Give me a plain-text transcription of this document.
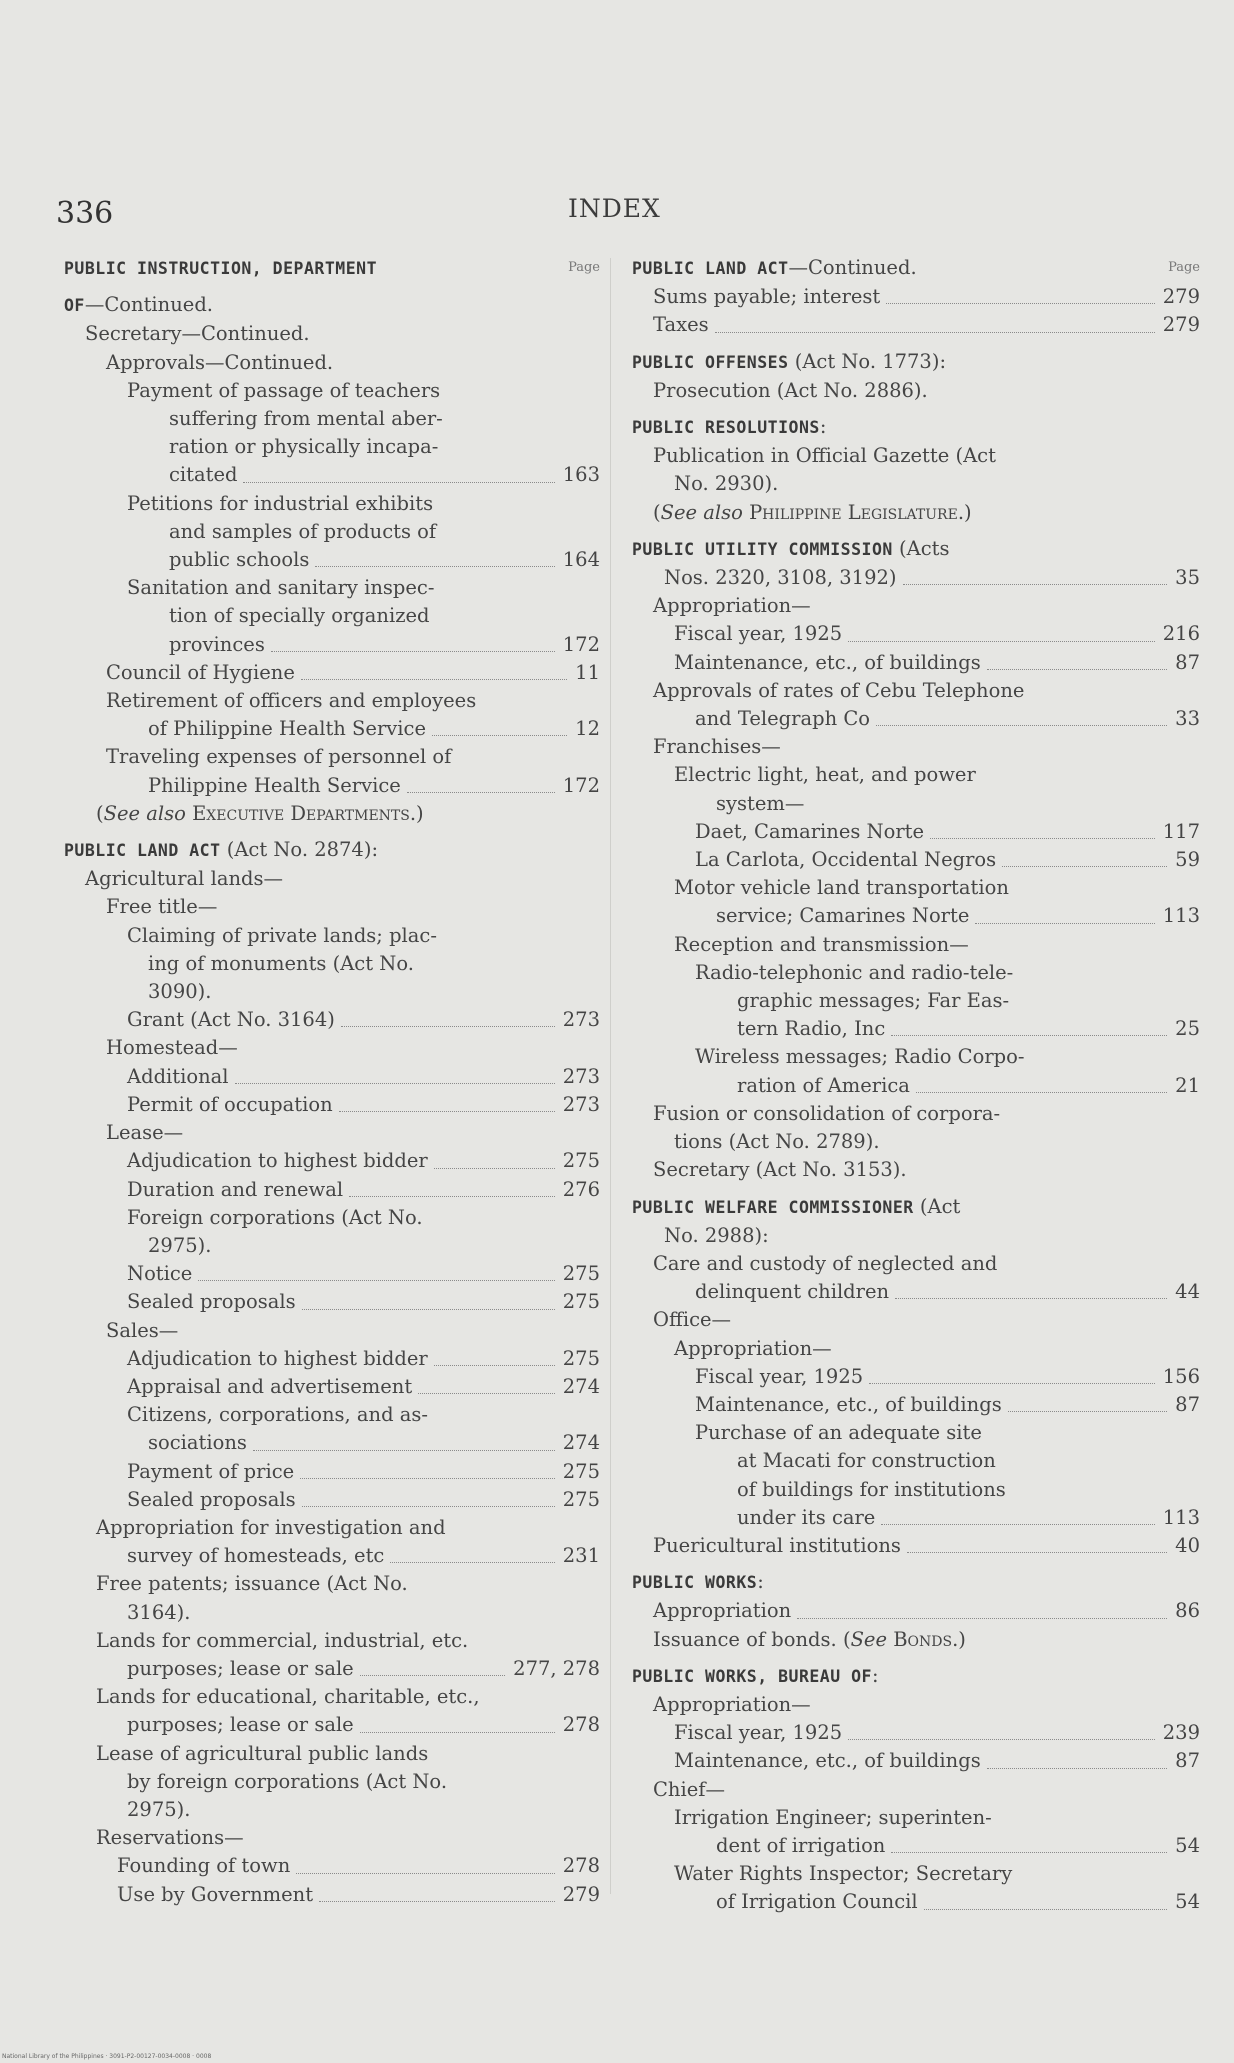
336	INDEX
PUBLIC INSTRUCTION, DEPARTMENT	Page
OF—Continued.
Secretary—Continued.
Approvals—Continued.
Payment of passage of teachers
suffering from mental aber-
ration or physically incapa-
citated	163
Petitions for industrial exhibits
and samples of products of
public schools	164
Sanitation and sanitary inspec-
tion of specially organized
provinces	172
Council of Hygiene	11
Retirement of officers and employees
of Philippine Health Service	12
Traveling expenses of personnel of
Philippine Health Service	172
(See also Executive Departments.)
PUBLIC LAND ACT (Act No. 2874):
Agricultural lands—
Free title—
Claiming of private lands; plac-
ing of monuments (Act No.
3090).
Grant (Act No. 3164)	273
Homestead—
Additional	273
Permit of occupation	273
Lease—
Adjudication to highest bidder	275
Duration and renewal	276
Foreign corporations (Act No.
2975).
Notice	275
Sealed proposals	275
Sales—
Adjudication to highest bidder	275
Appraisal and advertisement	274
Citizens, corporations, and as-
sociations	274
Payment of price	275
Sealed proposals	275
Appropriation for investigation and
survey of homesteads, etc	231
Free patents; issuance (Act No.
3164).
Lands for commercial, industrial, etc.
purposes; lease or sale	277, 278
Lands for educational, charitable, etc.,
purposes; lease or sale	278
Lease of agricultural public lands
by foreign corporations (Act No.
2975).
Reservations—
Founding of town	278
Use by Government	279
PUBLIC LAND ACT—Continued.	Page
Sums payable; interest	279
Taxes	279
PUBLIC OFFENSES (Act No. 1773):
Prosecution (Act No. 2886).
PUBLIC RESOLUTIONS:
Publication in Official Gazette (Act
No. 2930).
(See also Philippine Legislature.)
PUBLIC UTILITY COMMISSION (Acts
Nos. 2320, 3108, 3192)	35
Appropriation—
Fiscal year, 1925	216
Maintenance, etc., of buildings	87
Approvals of rates of Cebu Telephone
and Telegraph Co	33
Franchises—
Electric light, heat, and power
system—
Daet, Camarines Norte	117
La Carlota, Occidental Negros	59
Motor vehicle land transportation
service; Camarines Norte	113
Reception and transmission—
Radio-telephonic and radio-tele-
graphic messages; Far Eas-
tern Radio, Inc	25
Wireless messages; Radio Corpo-
ration of America	21
Fusion or consolidation of corpora-
tions (Act No. 2789).
Secretary (Act No. 3153).
PUBLIC WELFARE COMMISSIONER (Act
No. 2988):
Care and custody of neglected and
delinquent children	44
Office—
Appropriation—
Fiscal year, 1925	156
Maintenance, etc., of buildings	87
Purchase of an adequate site
at Macati for construction
of buildings for institutions
under its care	113
Puericultural institutions	40
PUBLIC WORKS:
Appropriation	86
Issuance of bonds. (See Bonds.)
PUBLIC WORKS, BUREAU OF:
Appropriation—
Fiscal year, 1925	239
Maintenance, etc., of buildings	87
Chief—
Irrigation Engineer; superinten-
dent of irrigation	54
Water Rights Inspector; Secretary
of Irrigation Council	54
National Library of the Philippines · 3091-P2-00127-0034-0008 · 0008
